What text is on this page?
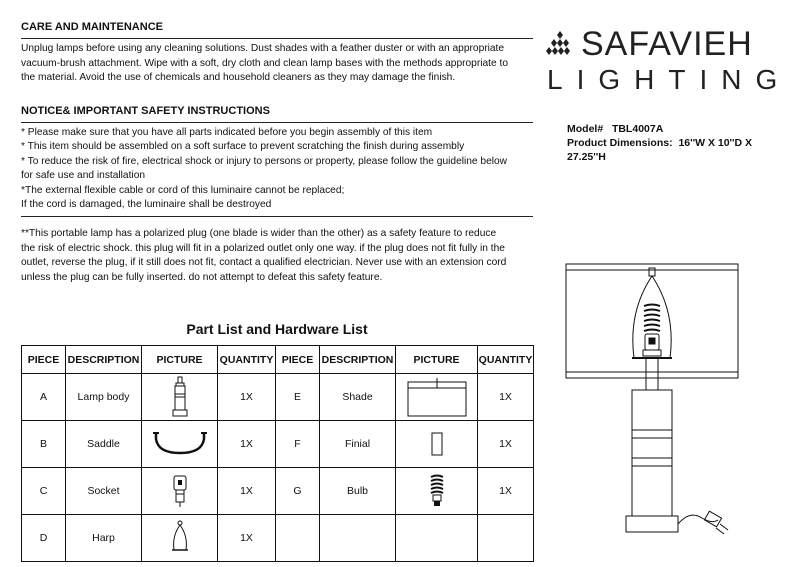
CARE AND MAINTENANCE
Unplug lamps before using any cleaning solutions. Dust shades with a feather duster or with an appropriate
vacuum-brush attachment. Wipe with a soft, dry cloth and clean lamp bases with the methods appropriate to
the material. Avoid the use of chemicals and household cleaners as they may damage the finish.
NOTICE& IMPORTANT SAFETY INSTRUCTIONS
* Please make sure that you have all parts indicated before you begin assembly of this item
* This item should be assembled on a soft surface to prevent scratching the finish during assembly
* To reduce the risk of fire, electrical shock or injury to persons or property, please follow the guideline below
for safe use and installation
*The external flexible cable or cord of this luminaire cannot be replaced;
If the cord is damaged, the luminaire shall be destroyed
**This portable lamp has a polarized plug (one blade is wider than the other) as a safety feature to reduce
the risk of electric shock. this plug will fit in a polarized outlet only one way. if the plug does not fit fully in the
outlet, reverse the plug, if it still does not fit, contact a qualified electrician. Never use with an extension cord
unless the plug can be fully inserted. do not attempt to defeat this safety feature.
Part List and Hardware List
PIECE	DESCRIPTION	PICTURE	QUANTITY	PIECE	DESCRIPTION	PICTURE	QUANTITY
A	Lamp body		1X	E	Shade		1X
B	Saddle		1X	F	Finial		1X
C	Socket		1X	G	Bulb		1X
D	Harp		1X				
SAFAVIEH
LIGHTING
Model# TBL4007A
Product Dimensions: 16''W X 10''D X
27.25''H
